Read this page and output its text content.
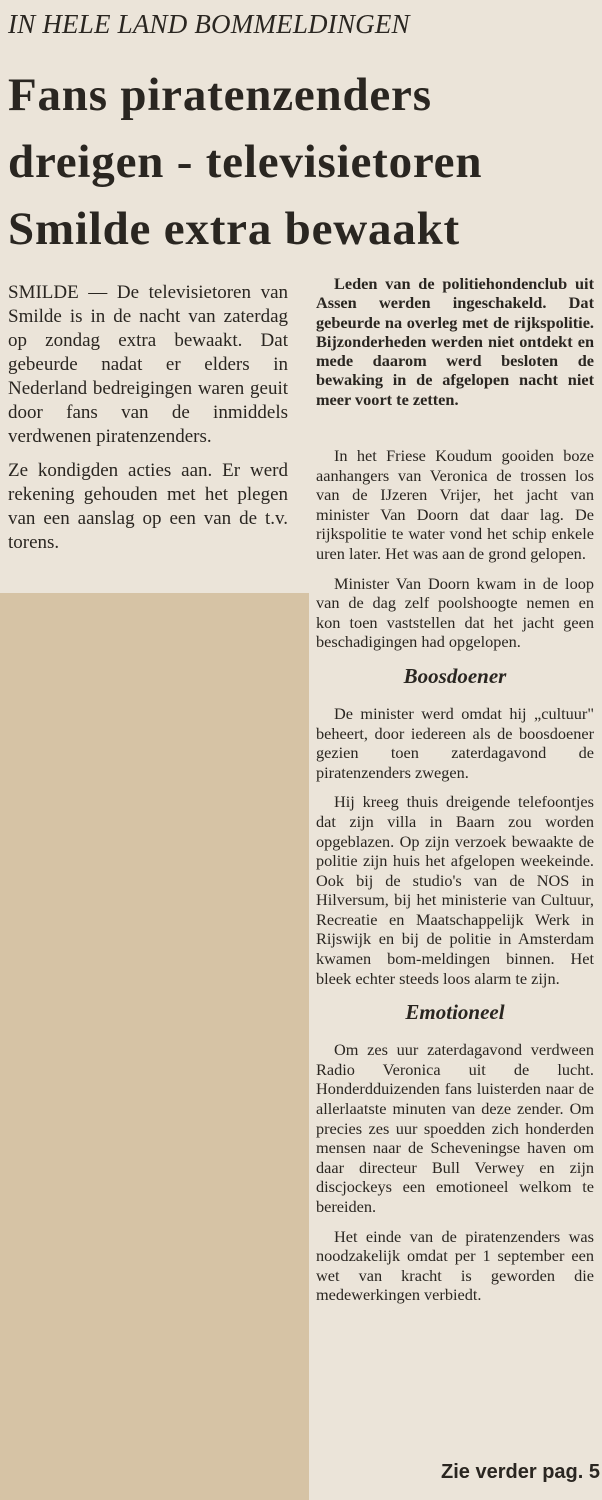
IN HELE LAND BOMMELDINGEN
Fans piratenzenders
dreigen - televisietoren
Smilde extra bewaakt

SMILDE — De televisietoren van Smilde is in de nacht van zaterdag op zondag extra bewaakt. Dat gebeurde nadat er elders in Nederland bedreigingen waren geuit door fans van de inmiddels verdwenen piratenzenders.

Ze kondigden acties aan. Er werd rekening gehouden met het plegen van een aanslag op een van de t.v. torens.

Leden van de politiehondenclub uit Assen werden ingeschakeld. Dat gebeurde na overleg met de rijkspolitie. Bijzonderheden werden niet ontdekt en mede daarom werd besloten de bewaking in de afgelopen nacht niet meer voort te zetten.

In het Friese Koudum gooiden boze aanhangers van Veronica de trossen los van de IJzeren Vrijer, het jacht van minister Van Doorn dat daar lag. De rijkspolitie te water vond het schip enkele uren later. Het was aan de grond gelopen.

Minister Van Doorn kwam in de loop van de dag zelf poolshoogte nemen en kon toen vaststellen dat het jacht geen beschadigingen had opgelopen.

Boosdoener

De minister werd omdat hij „cultuur" beheert, door iedereen als de boosdoener gezien toen zaterdagavond de piratenzenders zwegen.

Hij kreeg thuis dreigende telefoontjes dat zijn villa in Baarn zou worden opgeblazen. Op zijn verzoek bewaakte de politie zijn huis het afgelopen weekeinde. Ook bij de studio's van de NOS in Hilversum, bij het ministerie van Cultuur, Recreatie en Maatschappelijk Werk in Rijswijk en bij de politie in Amsterdam kwamen bom-meldingen binnen. Het bleek echter steeds loos alarm te zijn.

Emotioneel

Om zes uur zaterdagavond verdween Radio Veronica uit de lucht. Honderdduizenden fans luisterden naar de allerlaatste minuten van deze zender. Om precies zes uur spoedden zich honderden mensen naar de Scheveningse haven om daar directeur Bull Verwey en zijn discjockeys een emotioneel welkom te bereiden.

Het einde van de piratenzenders was noodzakelijk omdat per 1 september een wet van kracht is geworden die medewerkingen verbiedt.

Zie verder pag. 5
